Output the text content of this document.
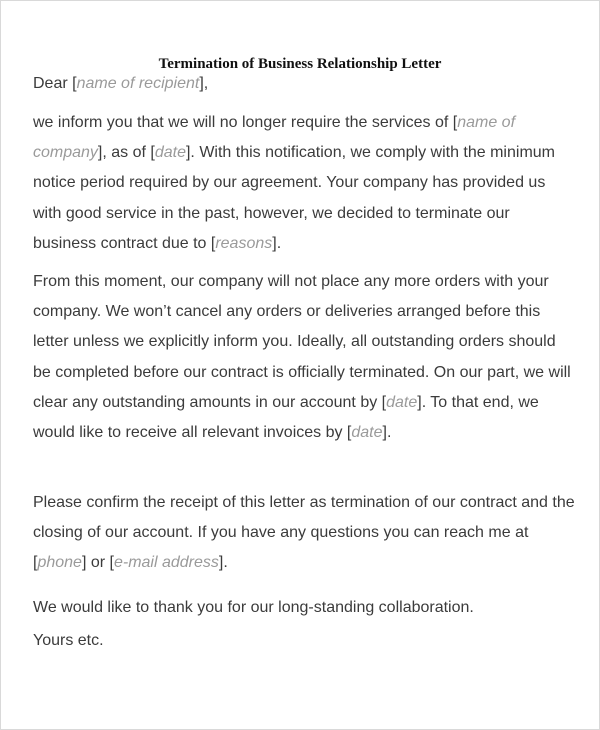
Termination of Business Relationship Letter

Dear [name of recipient],

we inform you that we will no longer require the services of [name of company], as of [date]. With this notification, we comply with the minimum notice period required by our agreement. Your company has provided us with good service in the past, however, we decided to terminate our business contract due to [reasons].

From this moment, our company will not place any more orders with your company. We won’t cancel any orders or deliveries arranged before this letter unless we explicitly inform you. Ideally, all outstanding orders should be completed before our contract is officially terminated. On our part, we will clear any outstanding amounts in our account by [date]. To that end, we would like to receive all relevant invoices by [date].

Please confirm the receipt of this letter as termination of our contract and the closing of our account. If you have any questions you can reach me at [phone] or [e-mail address].

We would like to thank you for our long-standing collaboration.

Yours etc.
